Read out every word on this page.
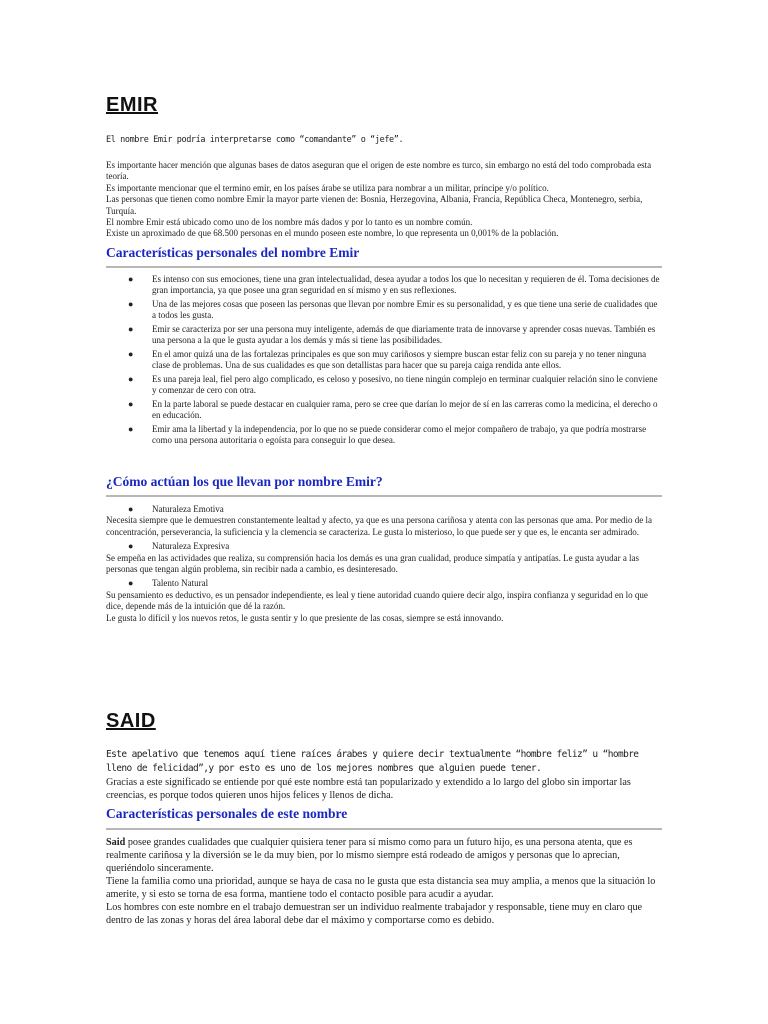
EMIR
El nombre Emir podría interpretarse como “comandante” o “jefe”.
Es importante hacer mención que algunas bases de datos aseguran que el origen de este nombre es turco, sin embargo no está del todo comprobada esta teoría.
Es importante mencionar que el termino emir, en los países árabe se utiliza para nombrar a un militar, príncipe y/o político.
Las personas que tienen como nombre Emir la mayor parte vienen de: Bosnia, Herzegovina, Albania, Francia, República Checa, Montenegro, serbia, Turquía.
El nombre Emir está ubicado como uno de los nombre más dados y por lo tanto es un nombre común.
Existe un aproximado de que 68.500 personas en el mundo poseen este nombre, lo que representa un 0,001% de la población.
Características personales del nombre Emir
● Es intenso con sus emociones, tiene una gran intelectualidad, desea ayudar a todos los que lo necesitan y requieren de él. Toma decisiones de gran importancia, ya que posee una gran seguridad en sí mismo y en sus reflexiones.
● Una de las mejores cosas que poseen las personas que llevan por nombre Emir es su personalidad, y es que tiene una serie de cualidades que a todos les gusta.
● Emir se caracteriza por ser una persona muy inteligente, además de que diariamente trata de innovarse y aprender cosas nuevas. También es una persona a la que le gusta ayudar a los demás y más si tiene las posibilidades.
● En el amor quizá una de las fortalezas principales es que son muy cariñosos y siempre buscan estar feliz con su pareja y no tener ninguna clase de problemas. Una de sus cualidades es que son detallistas para hacer que su pareja caiga rendida ante ellos.
● Es una pareja leal, fiel pero algo complicado, es celoso y posesivo, no tiene ningún complejo en terminar cualquier relación sino le conviene y comenzar de cero con otra.
● En la parte laboral se puede destacar en cualquier rama, pero se cree que darían lo mejor de sí en las carreras como la medicina, el derecho o en educación.
● Emir ama la libertad y la independencia, por lo que no se puede considerar como el mejor compañero de trabajo, ya que podría mostrarse como una persona autoritaria o egoísta para conseguir lo que desea.
¿Cómo actúan los que llevan por nombre Emir?
● Naturaleza Emotiva
Necesita siempre que le demuestren constantemente lealtad y afecto, ya que es una persona cariñosa y atenta con las personas que ama. Por medio de la concentración, perseverancia, la suficiencia y la clemencia se caracteriza. Le gusta lo misterioso, lo que puede ser y que es, le encanta ser admirado.
● Naturaleza Expresiva
Se empeña en las actividades que realiza, su comprensión hacia los demás es una gran cualidad, produce simpatía y antipatías. Le gusta ayudar a las personas que tengan algún problema, sin recibir nada a cambio, es desinteresado.
● Talento Natural
Su pensamiento es deductivo, es un pensador independiente, es leal y tiene autoridad cuando quiere decir algo, inspira confianza y seguridad en lo que dice, depende más de la intuición que dé la razón.
Le gusta lo difícil y los nuevos retos, le gusta sentir y lo que presiente de las cosas, siempre se está innovando.
SAID
Este apelativo que tenemos aquí tiene raíces árabes y quiere decir textualmente “hombre feliz” u “hombre lleno de felicidad”,y por esto es uno de los mejores nombres que alguien puede tener.
Gracias a este significado se entiende por qué este nombre está tan popularizado y extendido a lo largo del globo sin importar las creencias, es porque todos quieren unos hijos felices y llenos de dicha.
Características personales de este nombre
Said posee grandes cualidades que cualquier quisiera tener para sí mismo como para un futuro hijo, es una persona atenta, que es realmente cariñosa y la diversión se le da muy bien, por lo mismo siempre está rodeado de amigos y personas que lo aprecian, queriéndolo sinceramente.
Tiene la familia como una prioridad, aunque se haya de casa no le gusta que esta distancia sea muy amplia, a menos que la situación lo amerite, y si esto se torna de esa forma, mantiene todo el contacto posible para acudir a ayudar.
Los hombres con este nombre en el trabajo demuestran ser un individuo realmente trabajador y responsable, tiene muy en claro que dentro de las zonas y horas del área laboral debe dar el máximo y comportarse como es debido.
